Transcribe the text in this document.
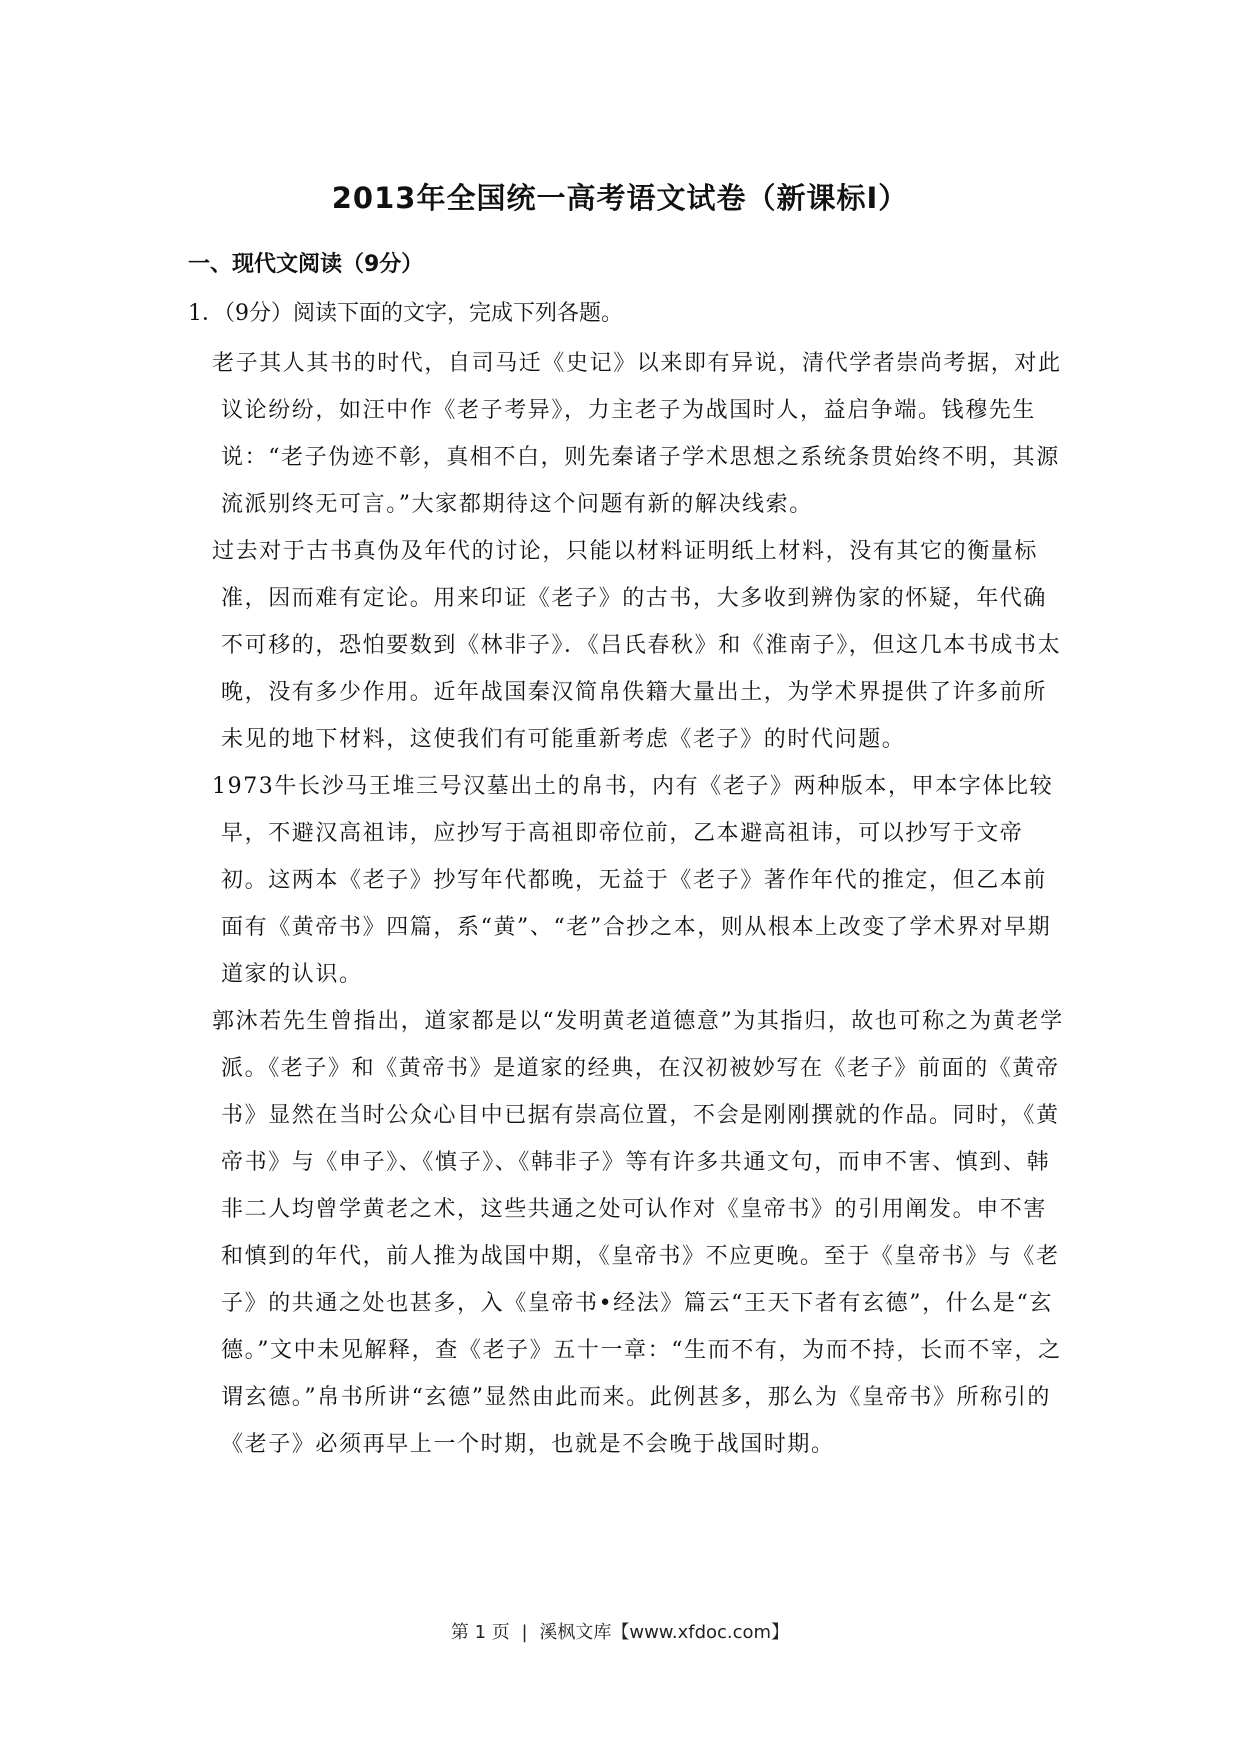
2013年全国统一高考语文试卷（新课标Ⅰ）
一、现代文阅读（9分）
1．（9分）阅读下面的文字，完成下列各题。

老子其人其书的时代，自司马迁《史记》以来即有异说，清代学者崇尚考据，对此议论纷纷，如汪中作《老子考异》，力主老子为战国时人，益启争端。钱穆先生说：“老子伪迹不彰，真相不白，则先秦诸子学术思想之系统条贯始终不明，其源流派别终无可言。”大家都期待这个问题有新的解决线索。

过去对于古书真伪及年代的讨论，只能以材料证明纸上材料，没有其它的衡量标准，因而难有定论。用来印证《老子》的古书，大多收到辨伪家的怀疑，年代确不可移的，恐怕要数到《林非子》．《吕氏春秋》和《淮南子》，但这几本书成书太晚，没有多少作用。近年战国秦汉简帛佚籍大量出土，为学术界提供了许多前所未见的地下材料，这使我们有可能重新考虑《老子》的时代问题。

1973牛长沙马王堆三号汉墓出土的帛书，内有《老子》两种版本，甲本字体比较早，不避汉高祖讳，应抄写于高祖即帝位前，乙本避高祖讳，可以抄写于文帝初。这两本《老子》抄写年代都晚，无益于《老子》著作年代的推定，但乙本前面有《黄帝书》四篇，系“黄”、“老”合抄之本，则从根本上改变了学术界对早期道家的认识。

郭沐若先生曾指出，道家都是以“发明黄老道德意”为其指归，故也可称之为黄老学派。《老子》和《黄帝书》是道家的经典，在汉初被妙写在《老子》前面的《黄帝书》显然在当时公众心目中已据有崇高位置，不会是刚刚撰就的作品。同时，《黄帝书》与《申子》、《慎子》、《韩非子》等有许多共通文句，而申不害、慎到、韩非二人均曾学黄老之术，这些共通之处可认作对《皇帝书》的引用阐发。申不害和慎到的年代，前人推为战国中期，《皇帝书》不应更晚。至于《皇帝书》与《老子》的共通之处也甚多，入《皇帝书•经法》篇云“王天下者有玄德”，什么是“玄德。”文中未见解释，查《老子》五十一章：“生而不有，为而不持，长而不宰，之谓玄德。”帛书所讲“玄德”显然由此而来。此例甚多，那么为《皇帝书》所称引的《老子》必须再早上一个时期，也就是不会晚于战国时期。

第 1 页 | 溪枫文库【www.xfdoc.com】
